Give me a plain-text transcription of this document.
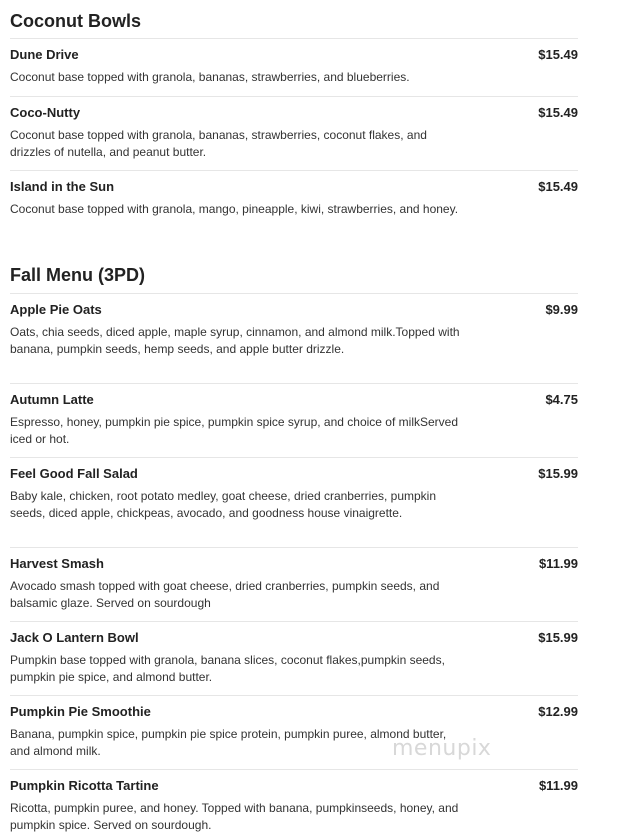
Coconut Bowls
Dune Drive	$15.49
Coconut base topped with granola, bananas, strawberries, and blueberries.
Coco-Nutty	$15.49
Coconut base topped with granola, bananas, strawberries, coconut flakes, and drizzles of nutella, and peanut butter.
Island in the Sun	$15.49
Coconut base topped with granola, mango, pineapple, kiwi, strawberries, and honey.
Fall Menu (3PD)
Apple Pie Oats	$9.99
Oats, chia seeds, diced apple, maple syrup, cinnamon, and almond milk.Topped with banana, pumpkin seeds, hemp seeds, and apple butter drizzle.
Autumn Latte	$4.75
Espresso, honey, pumpkin pie spice, pumpkin spice syrup, and choice of milkServed iced or hot.
Feel Good Fall Salad	$15.99
Baby kale, chicken, root potato medley, goat cheese, dried cranberries, pumpkin seeds, diced apple, chickpeas, avocado, and goodness house vinaigrette.
Harvest Smash	$11.99
Avocado smash topped with goat cheese, dried cranberries, pumpkin seeds, and balsamic glaze. Served on sourdough
Jack O Lantern Bowl	$15.99
Pumpkin base topped with granola, banana slices, coconut flakes,pumpkin seeds, pumpkin pie spice, and almond butter.
Pumpkin Pie Smoothie	$12.99
Banana, pumpkin spice, pumpkin pie spice protein, pumpkin puree, almond butter, and almond milk.
Pumpkin Ricotta Tartine	$11.99
Ricotta, pumpkin puree, and honey. Topped with banana, pumpkinseeds, honey, and pumpkin spice. Served on sourdough.
menupix
